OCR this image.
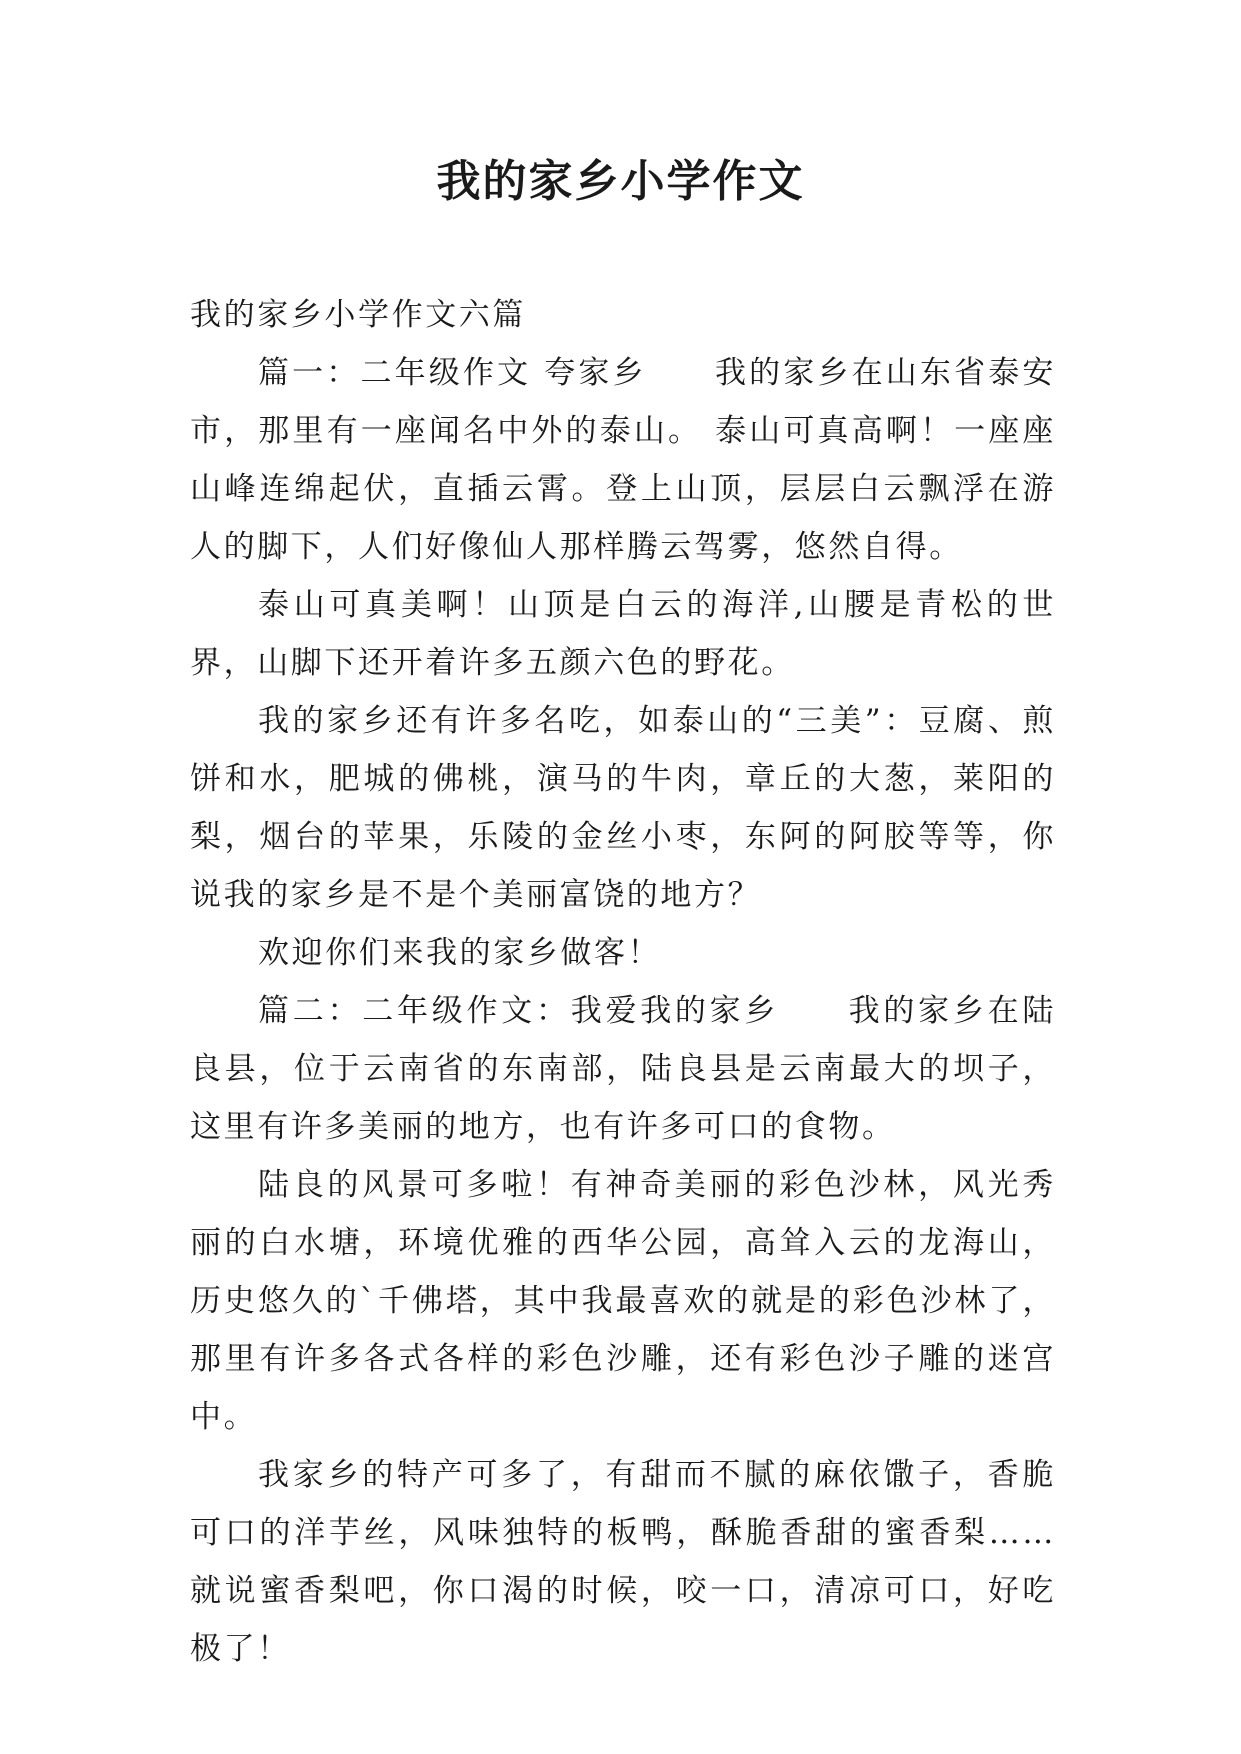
我的家乡小学作文

我的家乡小学作文六篇

篇一：二年级作文 夸家乡　　我的家乡在山东省泰安市，那里有一座闻名中外的泰山。 泰山可真高啊！一座座山峰连绵起伏，直插云霄。登上山顶，层层白云飘浮在游人的脚下，人们好像仙人那样腾云驾雾，悠然自得。

泰山可真美啊！山顶是白云的海洋,山腰是青松的世界，山脚下还开着许多五颜六色的野花。

我的家乡还有许多名吃，如泰山的“三美”：豆腐、煎饼和水，肥城的佛桃，演马的牛肉，章丘的大葱，莱阳的梨，烟台的苹果，乐陵的金丝小枣，东阿的阿胶等等，你说我的家乡是不是个美丽富饶的地方？

欢迎你们来我的家乡做客！

篇二：二年级作文：我爱我的家乡　　我的家乡在陆良县，位于云南省的东南部，陆良县是云南最大的坝子，这里有许多美丽的地方，也有许多可口的食物。

陆良的风景可多啦！有神奇美丽的彩色沙林，风光秀丽的白水塘，环境优雅的西华公园，高耸入云的龙海山，历史悠久的`千佛塔，其中我最喜欢的就是的彩色沙林了，那里有许多各式各样的彩色沙雕，还有彩色沙子雕的迷宫中。

我家乡的特产可多了，有甜而不腻的麻依馓子，香脆可口的洋芋丝，风味独特的板鸭，酥脆香甜的蜜香梨……就说蜜香梨吧，你口渴的时候，咬一口，清凉可口，好吃极了！
